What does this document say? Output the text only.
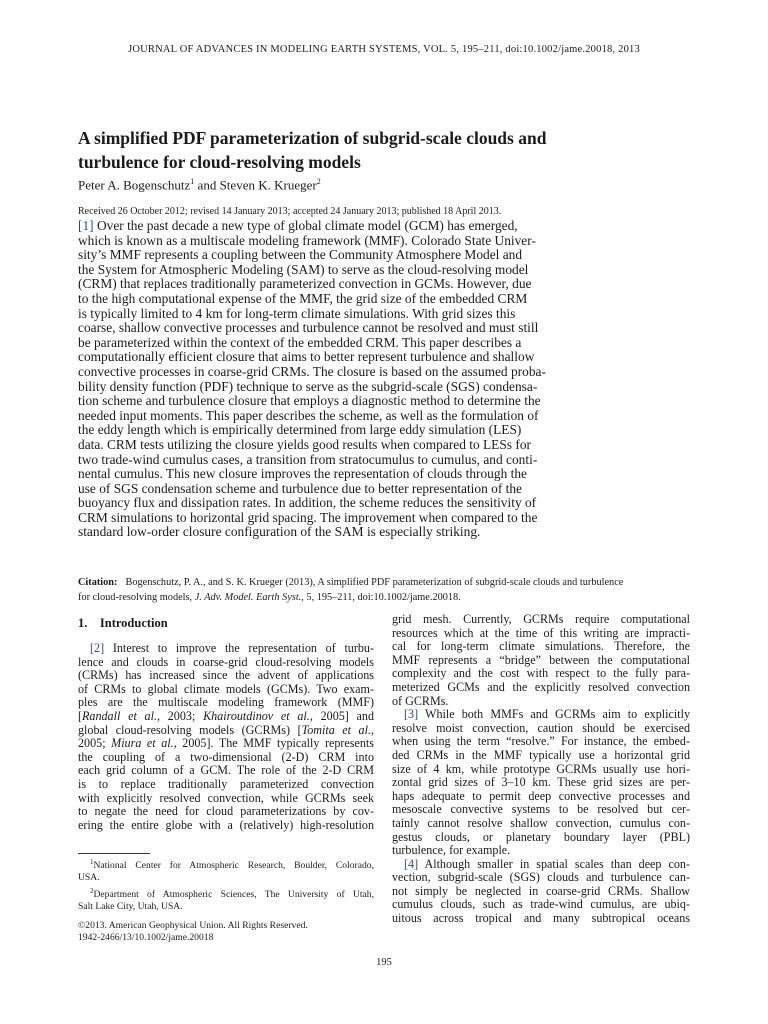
JOURNAL OF ADVANCES IN MODELING EARTH SYSTEMS, VOL. 5, 195–211, doi:10.1002/jame.20018, 2013
A simplified PDF parameterization of subgrid-scale clouds and
turbulence for cloud-resolving models
Peter A. Bogenschutz$^1$ and Steven K. Krueger$^2$
Received 26 October 2012; revised 14 January 2013; accepted 24 January 2013; published 18 April 2013.
[1] Over the past decade a new type of global climate model (GCM) has emerged,
which is known as a multiscale modeling framework (MMF). Colorado State Univer-
sity’s MMF represents a coupling between the Community Atmosphere Model and
the System for Atmospheric Modeling (SAM) to serve as the cloud-resolving model
(CRM) that replaces traditionally parameterized convection in GCMs. However, due
to the high computational expense of the MMF, the grid size of the embedded CRM
is typically limited to 4 km for long-term climate simulations. With grid sizes this
coarse, shallow convective processes and turbulence cannot be resolved and must still
be parameterized within the context of the embedded CRM. This paper describes a
computationally efficient closure that aims to better represent turbulence and shallow
convective processes in coarse-grid CRMs. The closure is based on the assumed proba-
bility density function (PDF) technique to serve as the subgrid-scale (SGS) condensa-
tion scheme and turbulence closure that employs a diagnostic method to determine the
needed input moments. This paper describes the scheme, as well as the formulation of
the eddy length which is empirically determined from large eddy simulation (LES)
data. CRM tests utilizing the closure yields good results when compared to LESs for
two trade-wind cumulus cases, a transition from stratocumulus to cumulus, and conti-
nental cumulus. This new closure improves the representation of clouds through the
use of SGS condensation scheme and turbulence due to better representation of the
buoyancy flux and dissipation rates. In addition, the scheme reduces the sensitivity of
CRM simulations to horizontal grid spacing. The improvement when compared to the
standard low-order closure configuration of the SAM is especially striking.
Citation: Bogenschutz, P. A., and S. K. Krueger (2013), A simplified PDF parameterization of subgrid-scale clouds and turbulence
for cloud-resolving models, J. Adv. Model. Earth Syst., 5, 195–211, doi:10.1002/jame.20018.
1. Introduction
[2] Interest to improve the representation of turbu-
lence and clouds in coarse-grid cloud-resolving models
(CRMs) has increased since the advent of applications
of CRMs to global climate models (GCMs). Two exam-
ples are the multiscale modeling framework (MMF)
[Randall et al., 2003; Khairoutdinov et al., 2005] and
global cloud-resolving models (GCRMs) [Tomita et al.,
2005; Miura et al., 2005]. The MMF typically represents
the coupling of a two-dimensional (2-D) CRM into
each grid column of a GCM. The role of the 2-D CRM
is to replace traditionally parameterized convection
with explicitly resolved convection, while GCRMs seek
to negate the need for cloud parameterizations by cov-
ering the entire globe with a (relatively) high-resolution
$^1$National Center for Atmospheric Research, Boulder, Colorado,
USA.
$^2$Department of Atmospheric Sciences, The University of Utah,
Salt Lake City, Utah, USA.
©2013. American Geophysical Union. All Rights Reserved.
1942-2466/13/10.1002/jame.20018
grid mesh. Currently, GCRMs require computational
resources which at the time of this writing are impracti-
cal for long-term climate simulations. Therefore, the
MMF represents a “bridge” between the computational
complexity and the cost with respect to the fully para-
meterized GCMs and the explicitly resolved convection
of GCRMs.
[3] While both MMFs and GCRMs aim to explicitly
resolve moist convection, caution should be exercised
when using the term “resolve.” For instance, the embed-
ded CRMs in the MMF typically use a horizontal grid
size of 4 km, while prototype GCRMs usually use hori-
zontal grid sizes of 3–10 km. These grid sizes are per-
haps adequate to permit deep convective processes and
mesoscale convective systems to be resolved but cer-
tainly cannot resolve shallow convection, cumulus con-
gestus clouds, or planetary boundary layer (PBL)
turbulence, for example.
[4] Although smaller in spatial scales than deep con-
vection, subgrid-scale (SGS) clouds and turbulence can-
not simply be neglected in coarse-grid CRMs. Shallow
cumulus clouds, such as trade-wind cumulus, are ubiq-
uitous across tropical and many subtropical oceans
195
